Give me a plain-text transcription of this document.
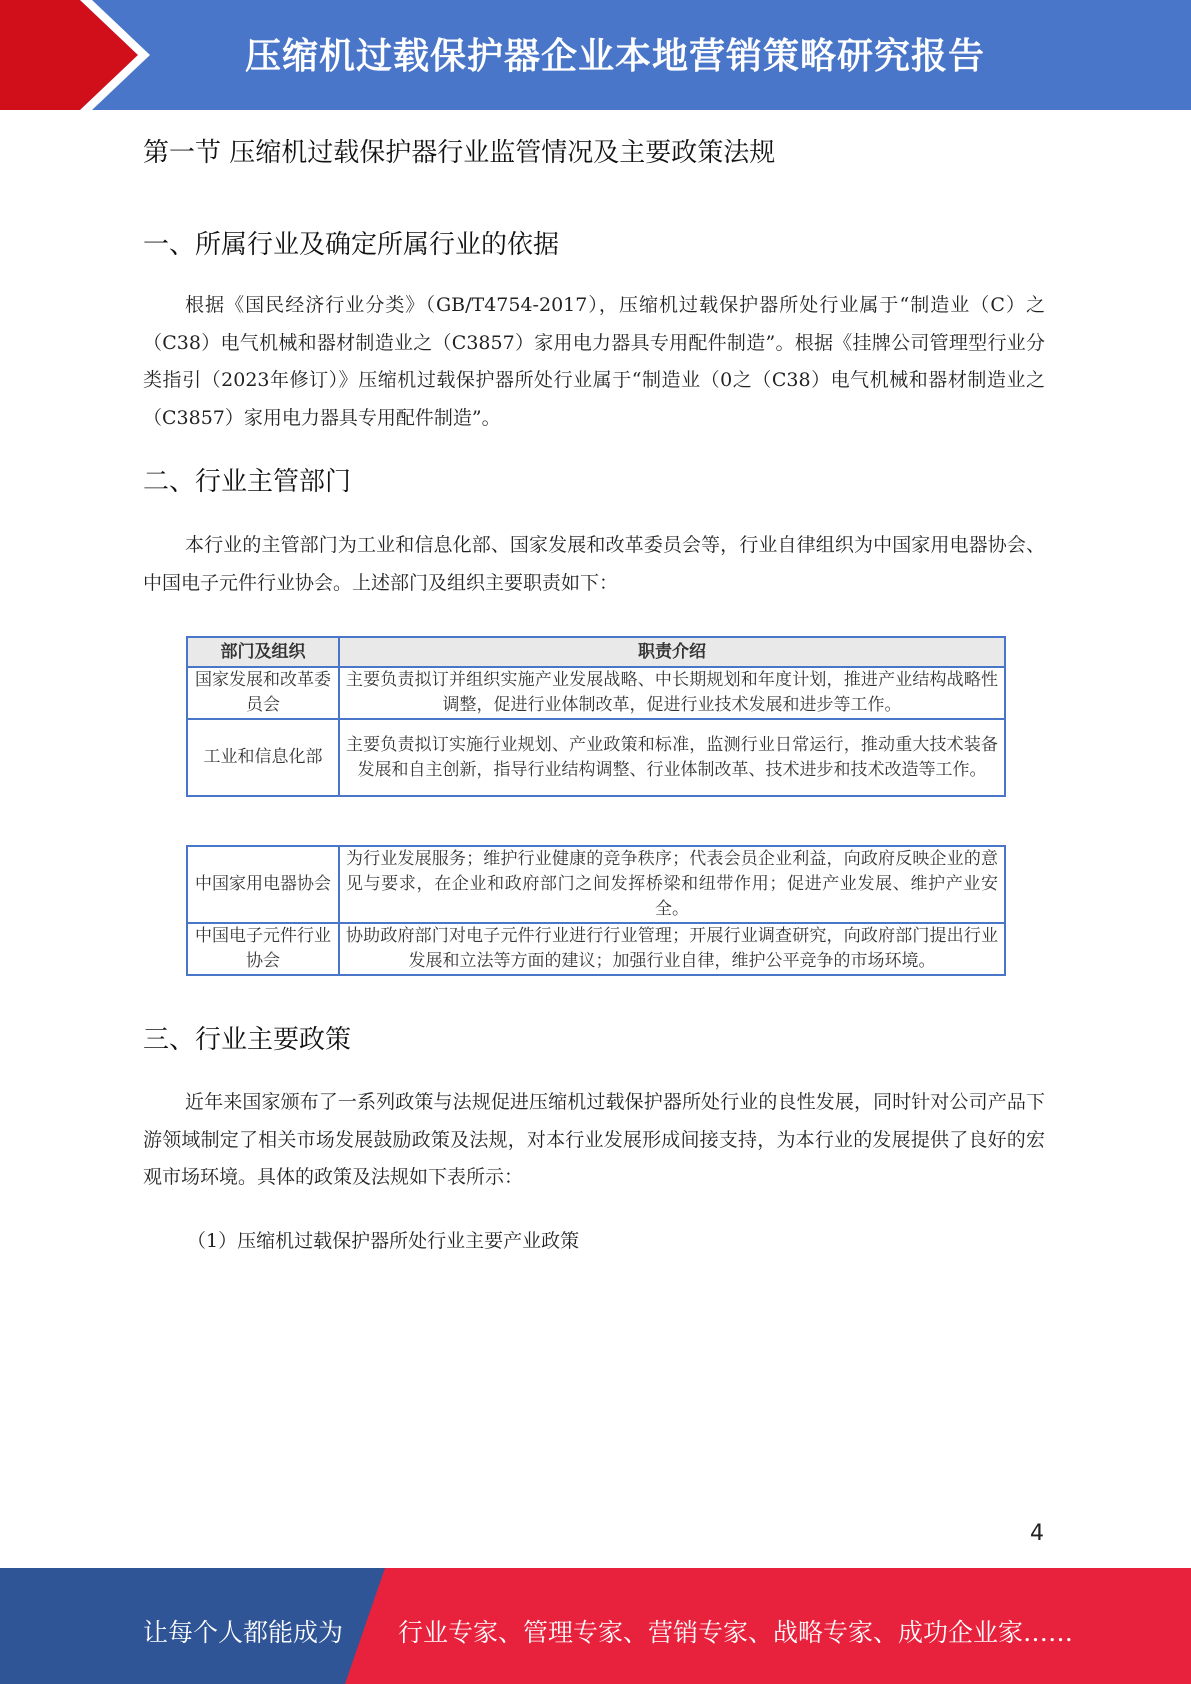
压缩机过载保护器企业本地营销策略研究报告
第一节 压缩机过载保护器行业监管情况及主要政策法规
一、所属行业及确定所属行业的依据
根据《国民经济行业分类》（GB/T4754-2017），压缩机过载保护器所处行业属于“制造业（C）之（C38）电气机械和器材制造业之（C3857）家用电力器具专用配件制造”。根据《挂牌公司管理型行业分类指引（2023年修订）》压缩机过载保护器所处行业属于“制造业（0之（C38）电气机械和器材制造业之（C3857）家用电力器具专用配件制造”。
二、行业主管部门
本行业的主管部门为工业和信息化部、国家发展和改革委员会等，行业自律组织为中国家用电器协会、中国电子元件行业协会。上述部门及组织主要职责如下：
部门及组织	职责介绍
国家发展和改革委员会	主要负责拟订并组织实施产业发展战略、中长期规划和年度计划，推进产业结构战略性调整，促进行业体制改革，促进行业技术发展和进步等工作。
工业和信息化部	主要负责拟订实施行业规划、产业政策和标准，监测行业日常运行，推动重大技术装备发展和自主创新，指导行业结构调整、行业体制改革、技术进步和技术改造等工作。
中国家用电器协会	为行业发展服务；维护行业健康的竞争秩序；代表会员企业利益，向政府反映企业的意见与要求，在企业和政府部门之间发挥桥梁和纽带作用；促进产业发展、维护产业安全。
中国电子元件行业协会	协助政府部门对电子元件行业进行行业管理；开展行业调查研究，向政府部门提出行业发展和立法等方面的建议；加强行业自律，维护公平竞争的市场环境。
三、行业主要政策
近年来国家颁布了一系列政策与法规促进压缩机过载保护器所处行业的良性发展，同时针对公司产品下游领域制定了相关市场发展鼓励政策及法规，对本行业发展形成间接支持，为本行业的发展提供了良好的宏观市场环境。具体的政策及法规如下表所示：
（1）压缩机过载保护器所处行业主要产业政策
4
让每个人都能成为 行业专家、管理专家、营销专家、战略专家、成功企业家……
